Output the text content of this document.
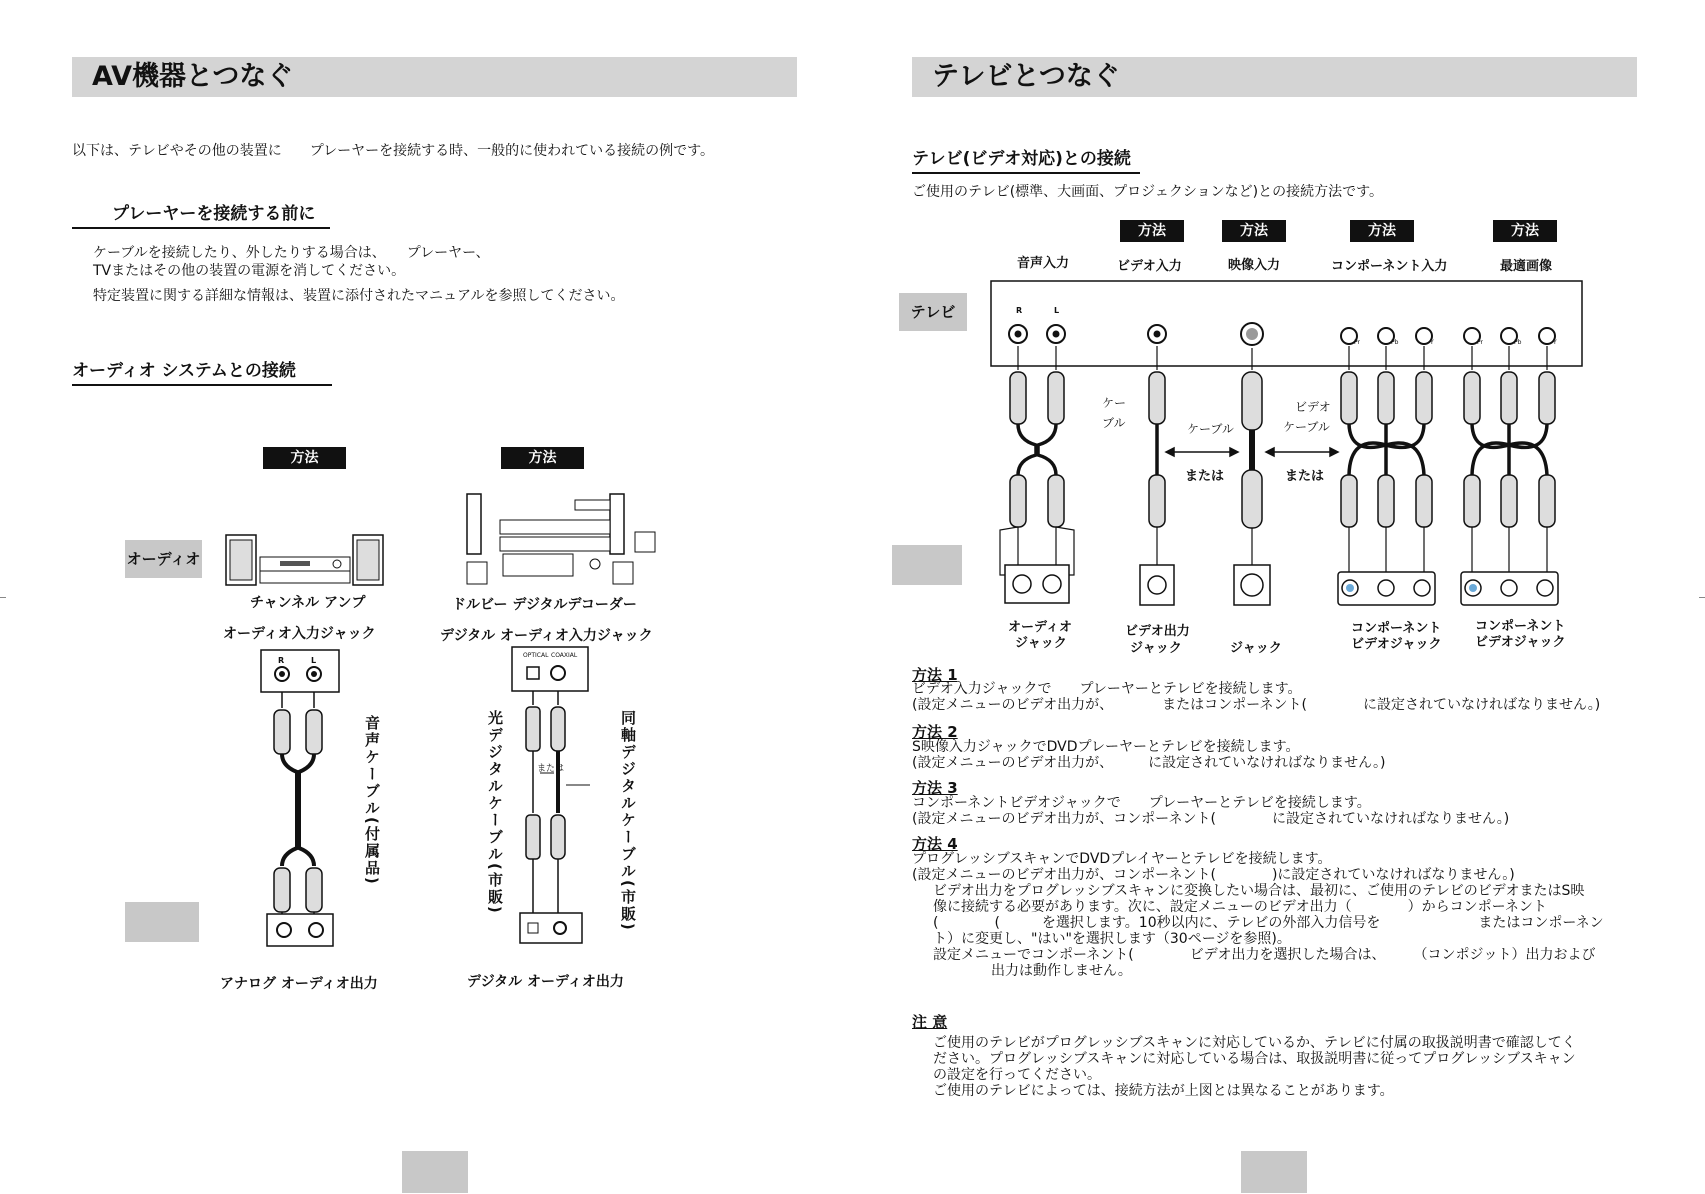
AV機器とつなぐ
以下は、テレビやその他の装置に　　プレーヤーを接続する時、一般的に使われている接続の例です。
プレーヤーを接続する前に
ケーブルを接続したり、外したりする場合は、　　プレーヤー、
TVまたはその他の装置の電源を消してください。
特定装置に関する詳細な情報は、装置に添付されたマニュアルを参照してください。
オーディオ システムとの接続
方法	方法
オーディオ
チャンネル アンプ
オーディオ入力ジャック
ドルビー デジタルデコーダー
デジタル オーディオ入力ジャック
R	L
音声ケーブル(付属品)
OPTICAL COAXIAL
または
光デジタルケーブル(市販)	同軸デジタルケーブル(市販)
アナログ オーディオ出力	デジタル オーディオ出力
テレビとつなぐ
テレビ(ビデオ対応)との接続
ご使用のテレビ(標準、大画面、プロジェクションなど)との接続方法です。
方法	方法	方法	方法
音声入力	ビデオ入力	映像入力	コンポーネント入力	最適画像
テレビ	R	L
Pr	Pb	Y	Pr	Pb	Y
ケー
ブル	ケーブル
ビデオ
ケーブル
または	または
オーディオ
ジャック
ビデオ出力
ジャック	ジャック
コンポーネント
ビデオジャック
コンポーネント
ビデオジャック
方法 1
ビデオ入力ジャックで　　プレーヤーとテレビを接続します。
(設定メニューのビデオ出力が、　　　　またはコンポーネント(　　　　に設定されていなければなりません。)
方法 2
S映像入力ジャックでDVDプレーヤーとテレビを接続します。
(設定メニューのビデオ出力が、　　　に設定されていなければなりません。)
方法 3
コンポーネントビデオジャックで　　プレーヤーとテレビを接続します。
(設定メニューのビデオ出力が、コンポーネント(　　　　に設定されていなければなりません。)
方法 4
プログレッシブスキャンでDVDプレイヤーとテレビを接続します。
(設定メニューのビデオ出力が、コンポーネント(　　　　)に設定されていなければなりません。)
ビデオ出力をプログレッシブスキャンに変換したい場合は、最初に、ご使用のテレビのビデオまたはS映
像に接続する必要があります。次に、設定メニューのビデオ出力（　　　　）からコンポーネント
(　　　　(　　　を選択します。10秒以内に、テレビの外部入力信号を　　　　　　　またはコンポーネン
ト）に変更し、"はい"を選択します（30ページを参照)。
設定メニューでコンポーネント(　　　　ビデオ出力を選択した場合は、　　　（コンポジット）出力および
出力は動作しません。
注 意
ご使用のテレビがプログレッシブスキャンに対応しているか、テレビに付属の取扱説明書で確認してく
ださい。プログレッシブスキャンに対応している場合は、取扱説明書に従ってプログレッシブスキャン
の設定を行ってください。
ご使用のテレビによっては、接続方法が上図とは異なることがあります。
